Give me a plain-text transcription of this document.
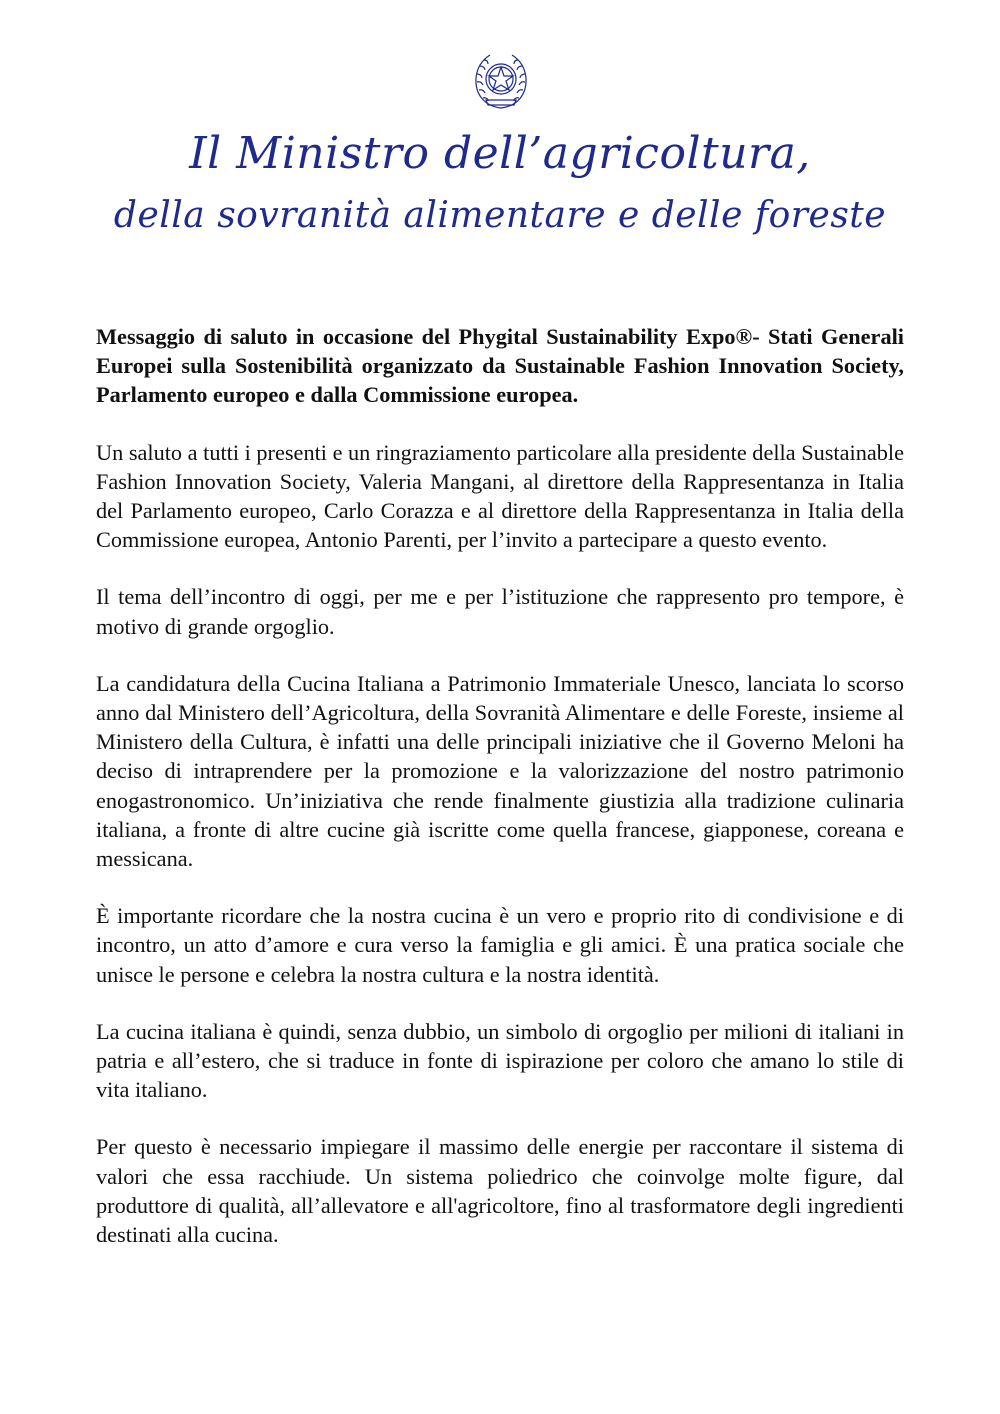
Il Ministro dell’agricoltura,
della sovranità alimentare e delle foreste

Messaggio di saluto in occasione del Phygital Sustainability Expo®- Stati Generali Europei sulla Sostenibilità organizzato da Sustainable Fashion Innovation Society, Parlamento europeo e dalla Commissione europea.

Un saluto a tutti i presenti e un ringraziamento particolare alla presidente della Sustainable Fashion Innovation Society, Valeria Mangani, al direttore della Rappresentanza in Italia del Parlamento europeo, Carlo Corazza e al direttore della Rappresentanza in Italia della Commissione europea, Antonio Parenti, per l’invito a partecipare a questo evento.

Il tema dell’incontro di oggi, per me e per l’istituzione che rappresento pro tempore, è motivo di grande orgoglio.

La candidatura della Cucina Italiana a Patrimonio Immateriale Unesco, lanciata lo scorso anno dal Ministero dell’Agricoltura, della Sovranità Alimentare e delle Foreste, insieme al Ministero della Cultura, è infatti una delle principali iniziative che il Governo Meloni ha deciso di intraprendere per la promozione e la valorizzazione del nostro patrimonio enogastronomico. Un’iniziativa che rende finalmente giustizia alla tradizione culinaria italiana, a fronte di altre cucine già iscritte come quella francese, giapponese, coreana e messicana.

È importante ricordare che la nostra cucina è un vero e proprio rito di condivisione e di incontro, un atto d’amore e cura verso la famiglia e gli amici. È una pratica sociale che unisce le persone e celebra la nostra cultura e la nostra identità.

La cucina italiana è quindi, senza dubbio, un simbolo di orgoglio per milioni di italiani in patria e all’estero, che si traduce in fonte di ispirazione per coloro che amano lo stile di vita italiano.

Per questo è necessario impiegare il massimo delle energie per raccontare il sistema di valori che essa racchiude. Un sistema poliedrico che coinvolge molte figure, dal produttore di qualità, all’allevatore e all'agricoltore, fino al trasformatore degli ingredienti destinati alla cucina.
